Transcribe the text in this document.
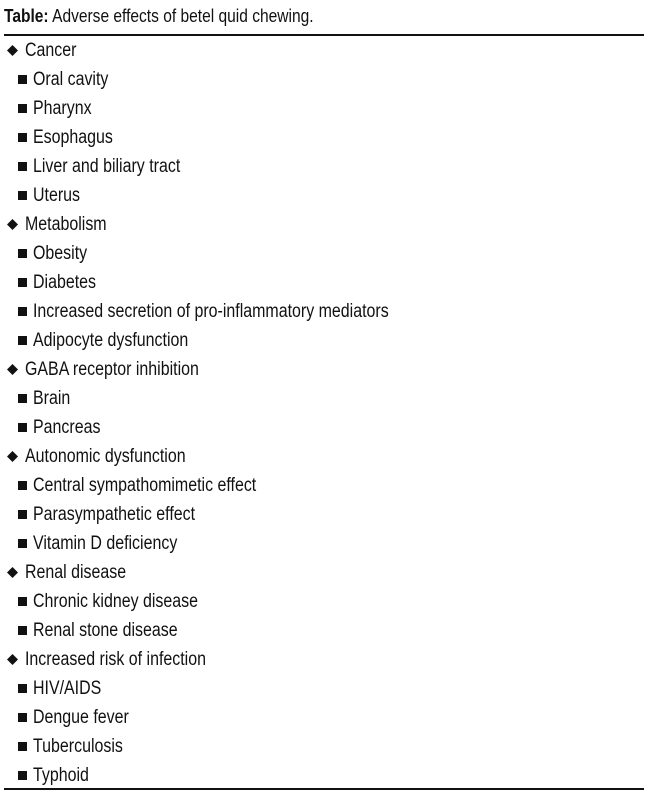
Table: Adverse effects of betel quid chewing.
Cancer
Oral cavity
Pharynx
Esophagus
Liver and biliary tract
Uterus
Metabolism
Obesity
Diabetes
Increased secretion of pro-inflammatory mediators
Adipocyte dysfunction
GABA receptor inhibition
Brain
Pancreas
Autonomic dysfunction
Central sympathomimetic effect
Parasympathetic effect
Vitamin D deficiency
Renal disease
Chronic kidney disease
Renal stone disease
Increased risk of infection
HIV/AIDS
Dengue fever
Tuberculosis
Typhoid
